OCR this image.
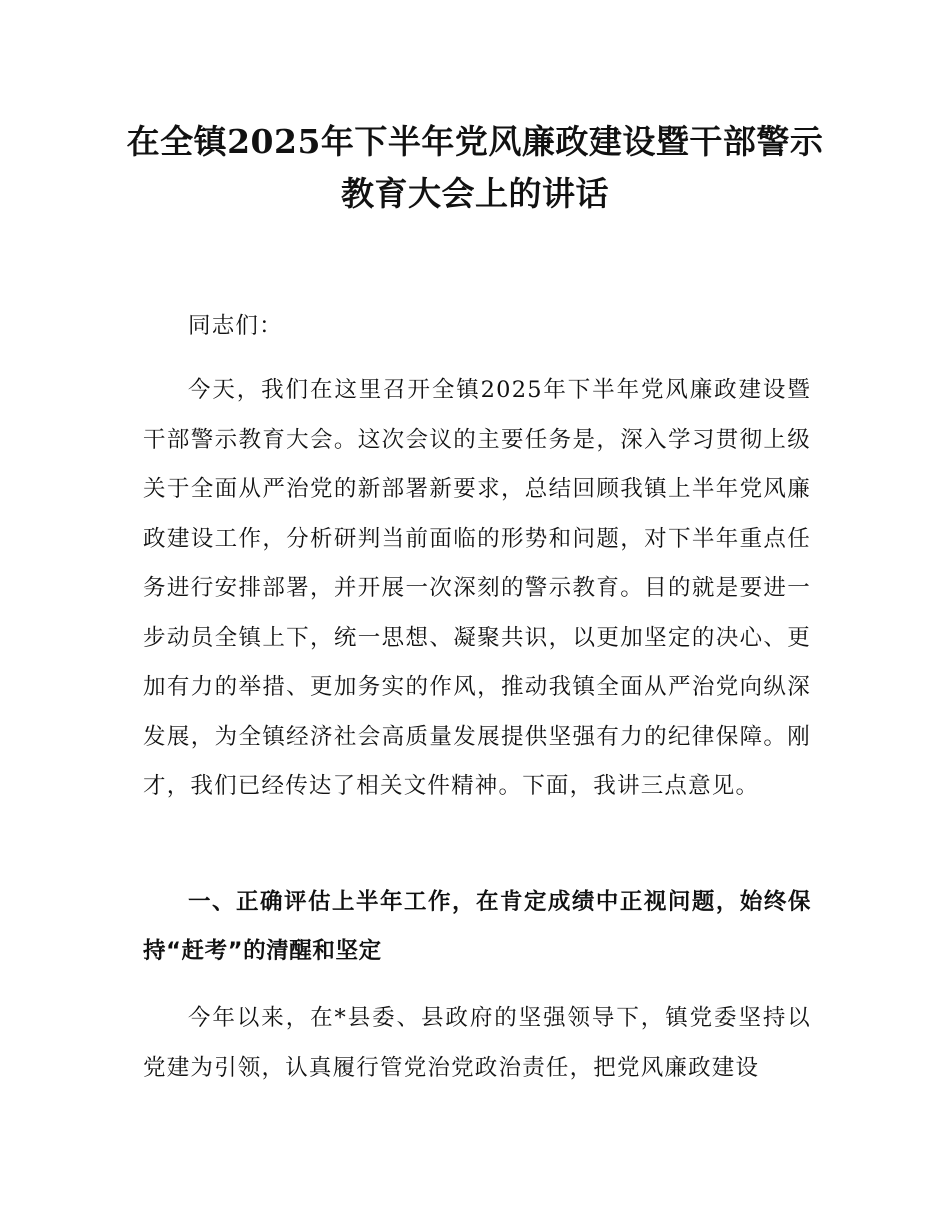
在全镇2025年下半年党风廉政建设暨干部警示教育大会上的讲话

同志们：

今天，我们在这里召开全镇2025年下半年党风廉政建设暨干部警示教育大会。这次会议的主要任务是，深入学习贯彻上级关于全面从严治党的新部署新要求，总结回顾我镇上半年党风廉政建设工作，分析研判当前面临的形势和问题，对下半年重点任务进行安排部署，并开展一次深刻的警示教育。目的就是要进一步动员全镇上下，统一思想、凝聚共识，以更加坚定的决心、更加有力的举措、更加务实的作风，推动我镇全面从严治党向纵深发展，为全镇经济社会高质量发展提供坚强有力的纪律保障。刚才，我们已经传达了相关文件精神。下面，我讲三点意见。

一、正确评估上半年工作，在肯定成绩中正视问题，始终保持“赶考”的清醒和坚定

今年以来，在*县委、县政府的坚强领导下，镇党委坚持以党建为引领，认真履行管党治党政治责任，把党风廉政建设
